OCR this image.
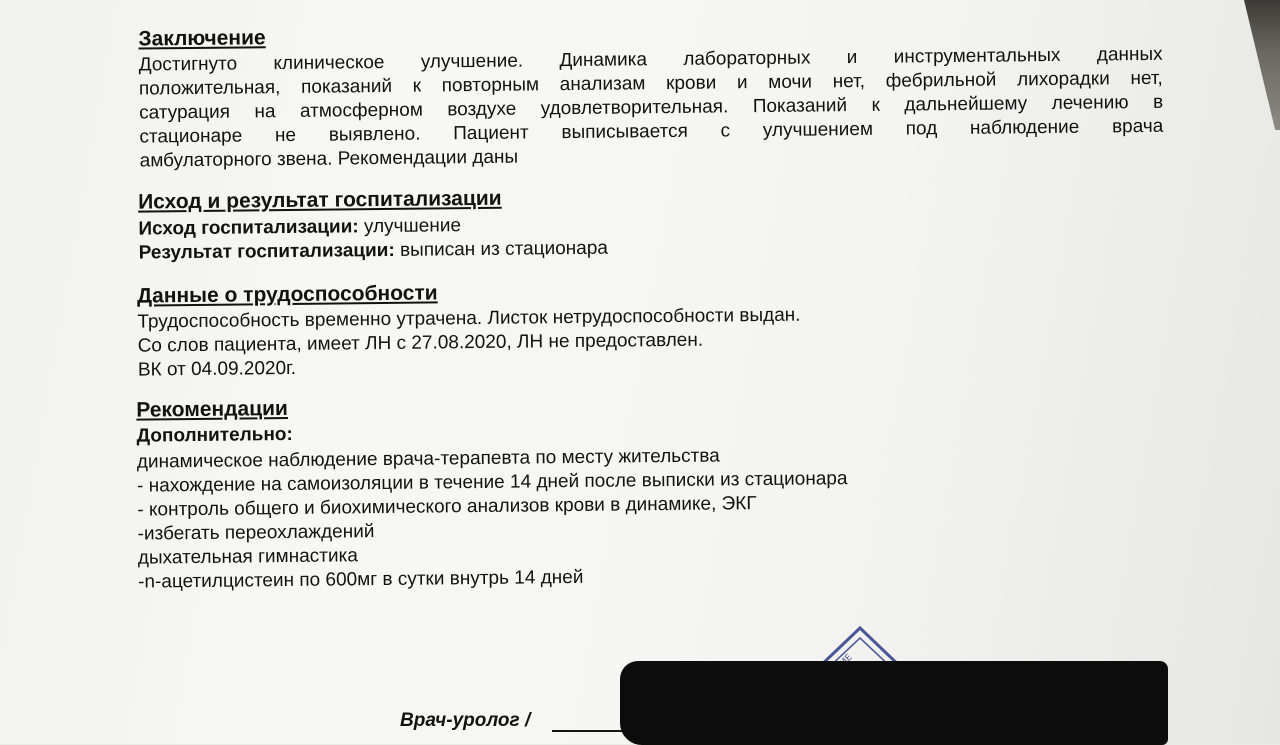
Заключение
Достигнуто клиническое улучшение. Динамика лабораторных и инструментальных данных
положительная, показаний к повторным анализам крови и мочи нет, фебрильной лихорадки нет,
сатурация на атмосферном воздухе удовлетворительная. Показаний к дальнейшему лечению в
стационаре не выявлено. Пациент выписывается с улучшением под наблюдение врача
амбулаторного звена. Рекомендации даны
Исход и результат госпитализации
Исход госпитализации: улучшение
Результат госпитализации: выписан из стационара
Данные о трудоспособности
Трудоспособность временно утрачена. Листок нетрудоспособности выдан.
Со слов пациента, имеет ЛН с 27.08.2020, ЛН не предоставлен.
ВК от 04.09.2020г.
Рекомендации
Дополнительно:
динамическое наблюдение врача-терапевта по месту жительства
- нахождение на самоизоляции в течение 14 дней после выписки из стационара
- контроль общего и биохимического анализов крови в динамике, ЭКГ
-избегать переохлаждений
дыхательная гимнастика
-n-ацетилцистеин по 600мг в сутки внутрь 14 дней
Врач-уролог /
